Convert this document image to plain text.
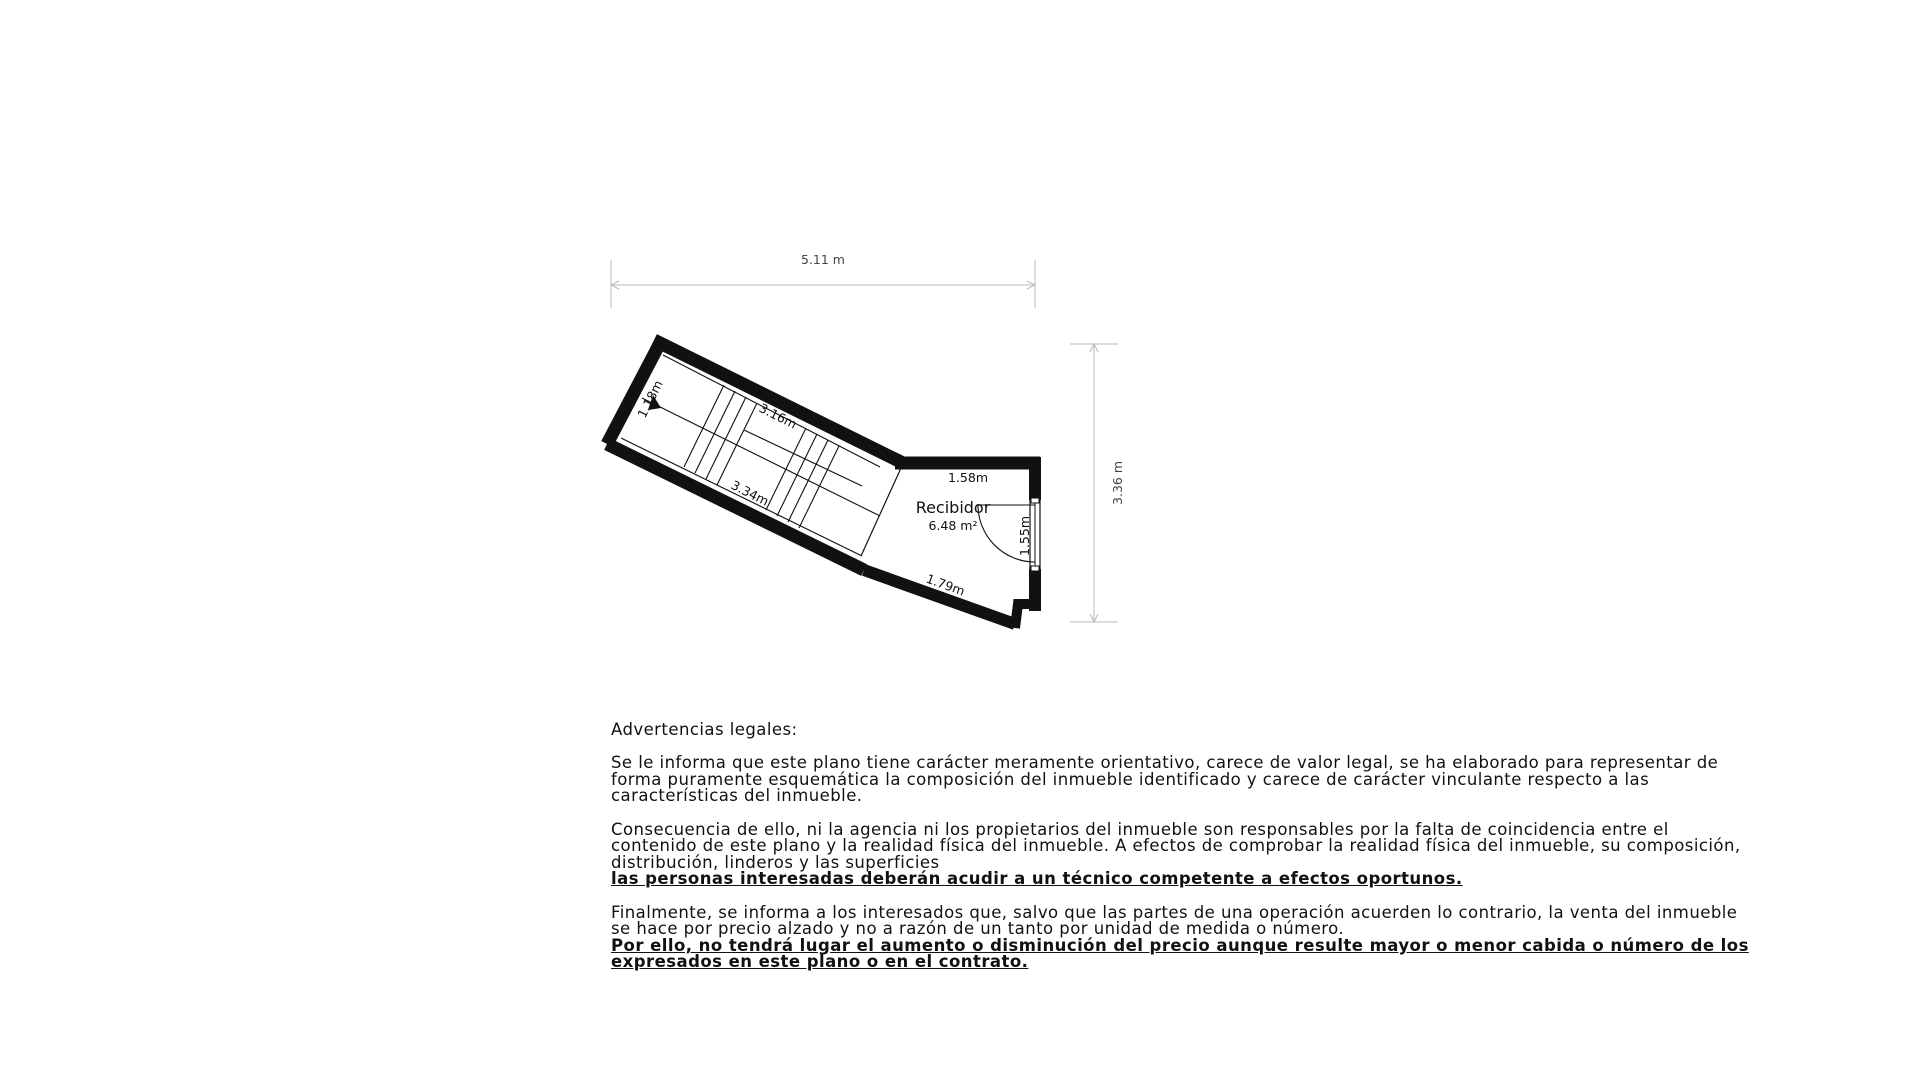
5.11 m
3.36 m
3.16m
3.34m
1.18m
1.58m
1.55m
1.79m
Recibidor
6.48 m²

Advertencias legales:

Se le informa que este plano tiene carácter meramente orientativo, carece de valor legal, se ha elaborado para representar de forma puramente esquemática la composición del inmueble identificado y carece de carácter vinculante respecto a las características del inmueble.

Consecuencia de ello, ni la agencia ni los propietarios del inmueble son responsables por la falta de coincidencia entre el contenido de este plano y la realidad física del inmueble. A efectos de comprobar la realidad física del inmueble, su composición, distribución, linderos y las superficies
las personas interesadas deberán acudir a un técnico competente a efectos oportunos.

Finalmente, se informa a los interesados que, salvo que las partes de una operación acuerden lo contrario, la venta del inmueble se hace por precio alzado y no a razón de un tanto por unidad de medida o número.
Por ello, no tendrá lugar el aumento o disminución del precio aunque resulte mayor o menor cabida o número de los expresados en este plano o en el contrato.
